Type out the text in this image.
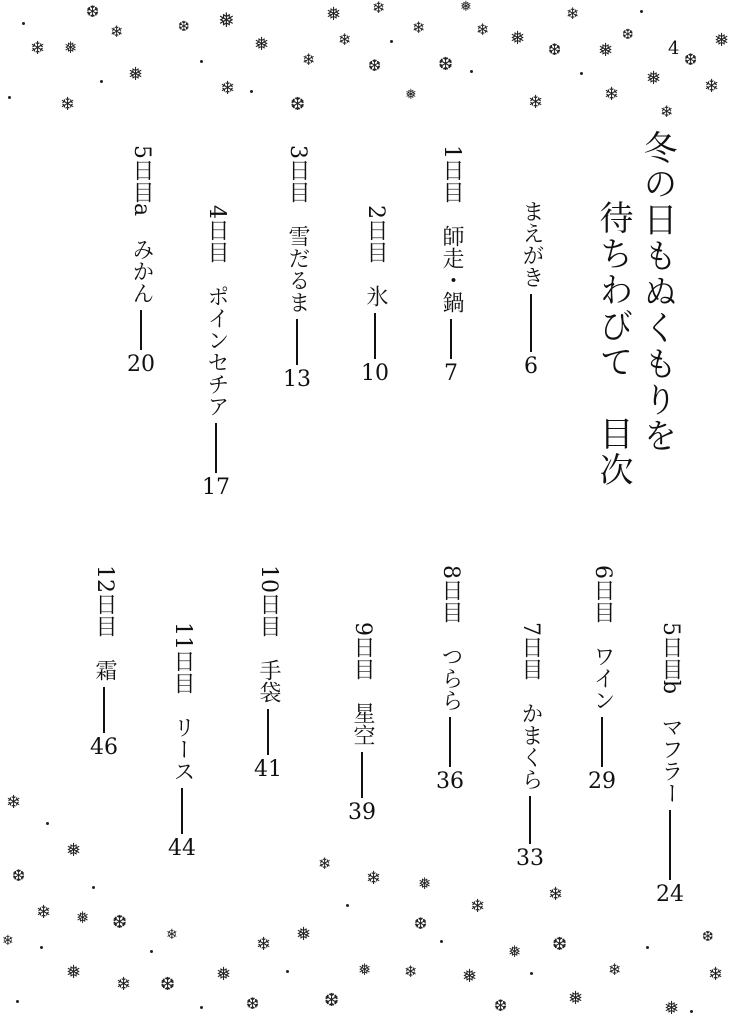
4
冬の日もぬくもりを
待ちわびて　目次
まえがき
6
1日目
師走・鍋
7
2日目
氷
10
3日目
雪だるま
13
4日目
ポインセチア
17
5日目a
みかん
20
5日目b
マフラー
24
6日目
ワイン
29
7日目
かまくら
33
8日目
つらら
36
9日目
星空
39
10日目
手袋
41
11日目
リース
44
12日目
霜
46
❄ ❅
❆
❄
❅
❄
❆ ❅
❄
❅
❆
❄
❅
❄
❆
❄
❅
❄
❆
❅
❄ ❅
❄
❆
❄
❅
❄
❆
❅
❄
❆
❄
❅
❄
❅
❆
❄ ❅ ❆
❄
❅
❄ ❆
❄
❅
❄
❆
❅
❄
❆
❅
❄
❆
❅
❄ ❅
❄
❆
❅
❄
❆
❅
❄
❅
❄
❆
